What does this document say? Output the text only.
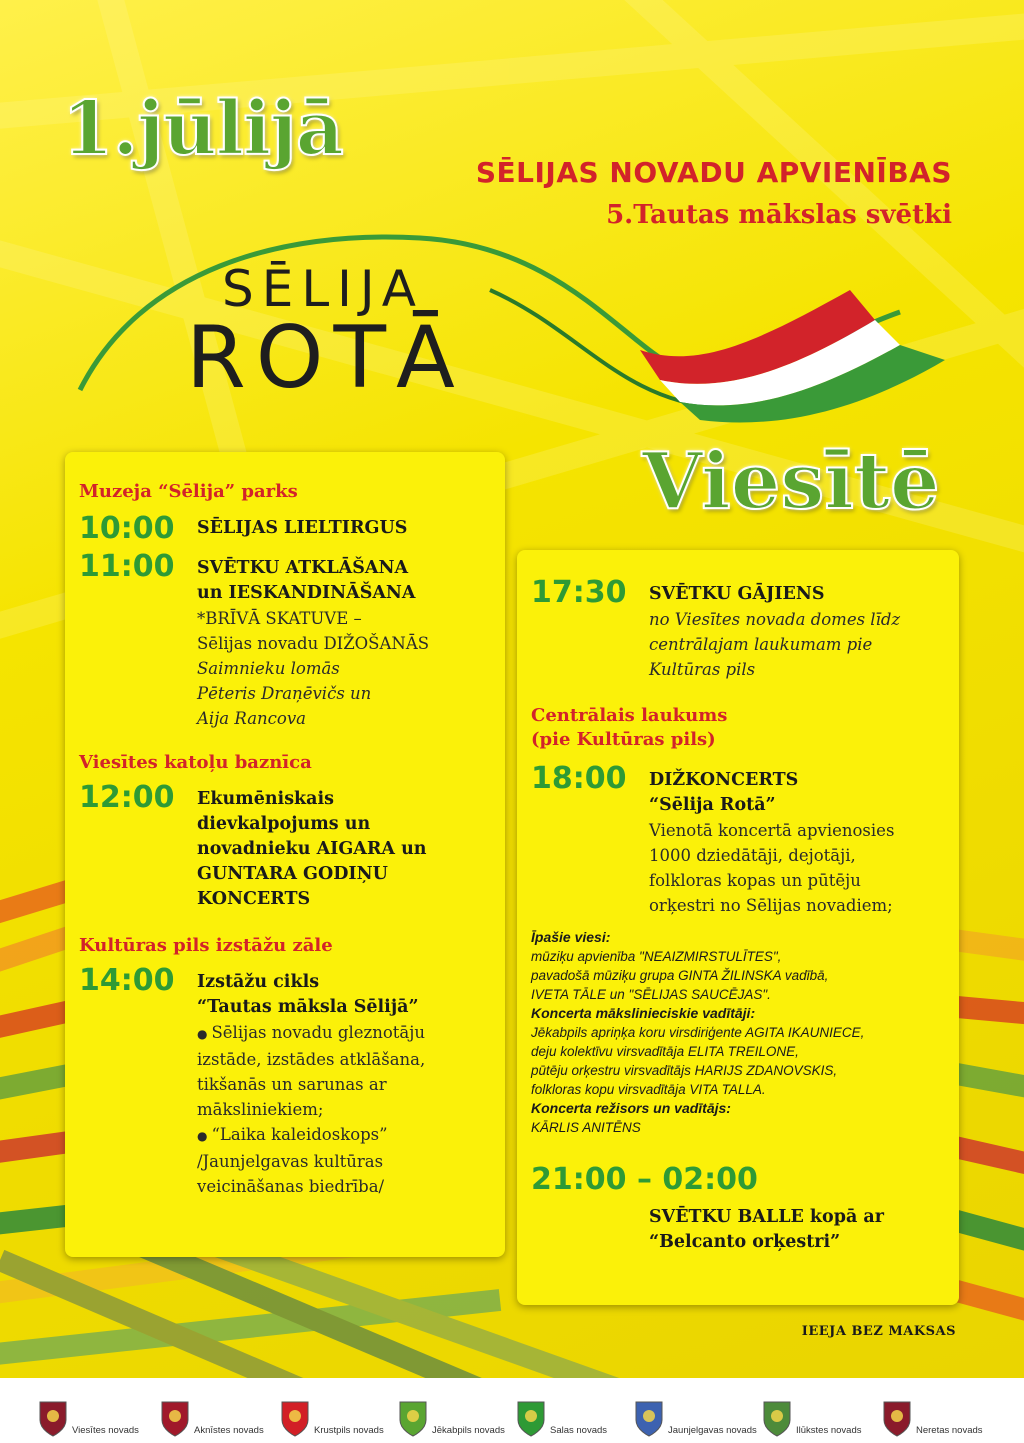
1.jūlijā
SĒLIJAS NOVADU APVIENĪBAS
5.Tautas mākslas svētki
SĒLIJA
ROTĀ
Viesītē

Muzeja “Sēlija” parks

10:00	SĒLIJAS LIELTIRGUS

11:00	SVĒTKU ATKLĀŠANA

un IESKANDINĀŠANA

*BRĪVĀ SKATUVE –

Sēlijas novadu DIŽOŠANĀS

Saimnieku lomās

Pēteris Draņēvičs un

Aija Rancova

Viesītes katoļu baznīca

12:00	Ekumēniskais

dievkalpojums un

novadnieku AIGARA un

GUNTARA GODIŅU

KONCERTS

Kultūras pils izstāžu zāle

14:00	Izstāžu cikls

“Tautas māksla Sēlijā”

● Sēlijas novadu gleznotāju

izstāde, izstādes atklāšana,

tikšanās un sarunas ar

māksliniekiem;

● “Laika kaleidoskops”

/Jaunjelgavas kultūras

veicināšanas biedrība/

17:30	SVĒTKU GĀJIENS

no Viesītes novada domes līdz

centrālajam laukumam pie

Kultūras pils

Centrālais laukums

(pie Kultūras pils)

18:00	DIŽKONCERTS

“Sēlija Rotā”

Vienotā koncertā apvienosies

1000 dziedātāji, dejotāji,

folkloras kopas un pūtēju

orķestri no Sēlijas novadiem;

Īpašie viesi:

mūziķu apvienība "NEAIZMIRSTULĪTES",

pavadošā mūziķu grupa GINTA ŽILINSKA vadībā,

IVETA TĀLE un "SĒLIJAS SAUCĒJAS".

Koncerta mākslinieciskie vadītāji:

Jēkabpils apriņķa koru virsdiriģente AGITA IKAUNIECE,

deju kolektīvu virsvadītāja ELITA TREILONE,

pūtēju orķestru virsvadītājs HARIJS ZDANOVSKIS,

folkloras kopu virsvadītāja VITA TALLA.

Koncerta režisors un vadītājs:

KĀRLIS ANITĒNS

21:00 – 02:00

SVĒTKU BALLE kopā ar

“Belcanto orķestri”

IEEJA BEZ MAKSAS
Viesītes novads	Aknīstes novads	Krustpils novads	Jēkabpils novads	Salas novads	Jaunjelgavas novads	Ilūkstes novads	Neretas novads
